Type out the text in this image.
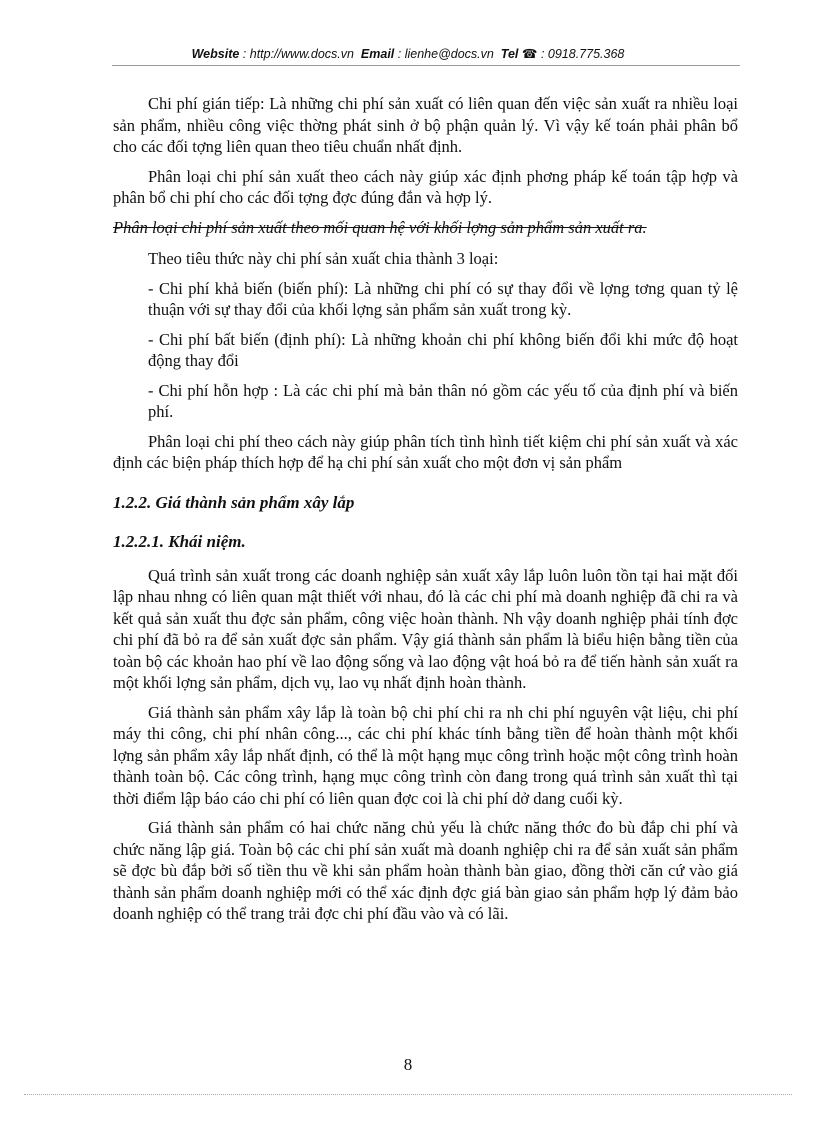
Website : http://www.docs.vn Email : lienhe@docs.vn Tel ☎ : 0918.775.368

Chi phí gián tiếp: Là những chi phí sản xuất có liên quan đến việc sản xuất ra nhiều loại sản phẩm, nhiều công việc thờng phát sinh ở bộ phận quản lý. Vì vậy kế toán phải phân bổ cho các đối tợng liên quan theo tiêu chuẩn nhất định.

Phân loại chi phí sản xuất theo cách này giúp xác định phơng pháp kế toán tập hợp và phân bổ chi phí cho các đối tợng đợc đúng đắn và hợp lý.

Phân loại chi phí sản xuất theo mối quan hệ với khối lợng sản phẩm sản xuất ra.

Theo tiêu thức này chi phí sản xuất chia thành 3 loại:

- Chi phí khả biến (biến phí): Là những chi phí có sự thay đổi về lợng tơng quan tỷ lệ thuận với sự thay đổi của khối lợng sản phẩm sản xuất trong kỳ.

- Chi phí bất biến (định phí): Là những khoản chi phí không biến đổi khi mức độ hoạt động thay đổi

- Chi phí hỗn hợp : Là các chi phí mà bản thân nó gồm các yếu tố của định phí và biến phí.

Phân loại chi phí theo cách này giúp phân tích tình hình tiết kiệm chi phí sản xuất và xác định các biện pháp thích hợp để hạ chi phí sản xuất cho một đơn vị sản phẩm

1.2.2. Giá thành sản phẩm xây lắp
1.2.2.1. Khái niệm.

Quá trình sản xuất trong các doanh nghiệp sản xuất xây lắp luôn luôn tồn tại hai mặt đối lập nhau nhng có liên quan mật thiết với nhau, đó là các chi phí mà doanh nghiệp đã chi ra và kết quả sản xuất thu đợc sản phẩm, công việc hoàn thành. Nh vậy doanh nghiệp phải tính đợc chi phí đã bỏ ra để sản xuất đợc sản phẩm. Vậy giá thành sản phẩm là biểu hiện bằng tiền của toàn bộ các khoản hao phí về lao động sống và lao động vật hoá bỏ ra để tiến hành sản xuất ra một khối lợng sản phẩm, dịch vụ, lao vụ nhất định hoàn thành.

Giá thành sản phẩm xây lắp là toàn bộ chi phí chi ra nh chi phí nguyên vật liệu, chi phí máy thi công, chi phí nhân công..., các chi phí khác tính bằng tiền để hoàn thành một khối lợng sản phẩm xây lắp nhất định, có thể là một hạng mục công trình hoặc một công trình hoàn thành toàn bộ. Các công trình, hạng mục công trình còn đang trong quá trình sản xuất thì tại thời điểm lập báo cáo chi phí có liên quan đợc coi là chi phí dở dang cuối kỳ.

Giá thành sản phẩm có hai chức năng chủ yếu là chức năng thớc đo bù đắp chi phí và chức năng lập giá. Toàn bộ các chi phí sản xuất mà doanh nghiệp chi ra để sản xuất sản phẩm sẽ đợc bù đắp bởi số tiền thu về khi sản phẩm hoàn thành bàn giao, đồng thời căn cứ vào giá thành sản phẩm doanh nghiệp mới có thể xác định đợc giá bàn giao sản phẩm hợp lý đảm bảo doanh nghiệp có thể trang trải đợc chi phí đầu vào và có lãi.

8
